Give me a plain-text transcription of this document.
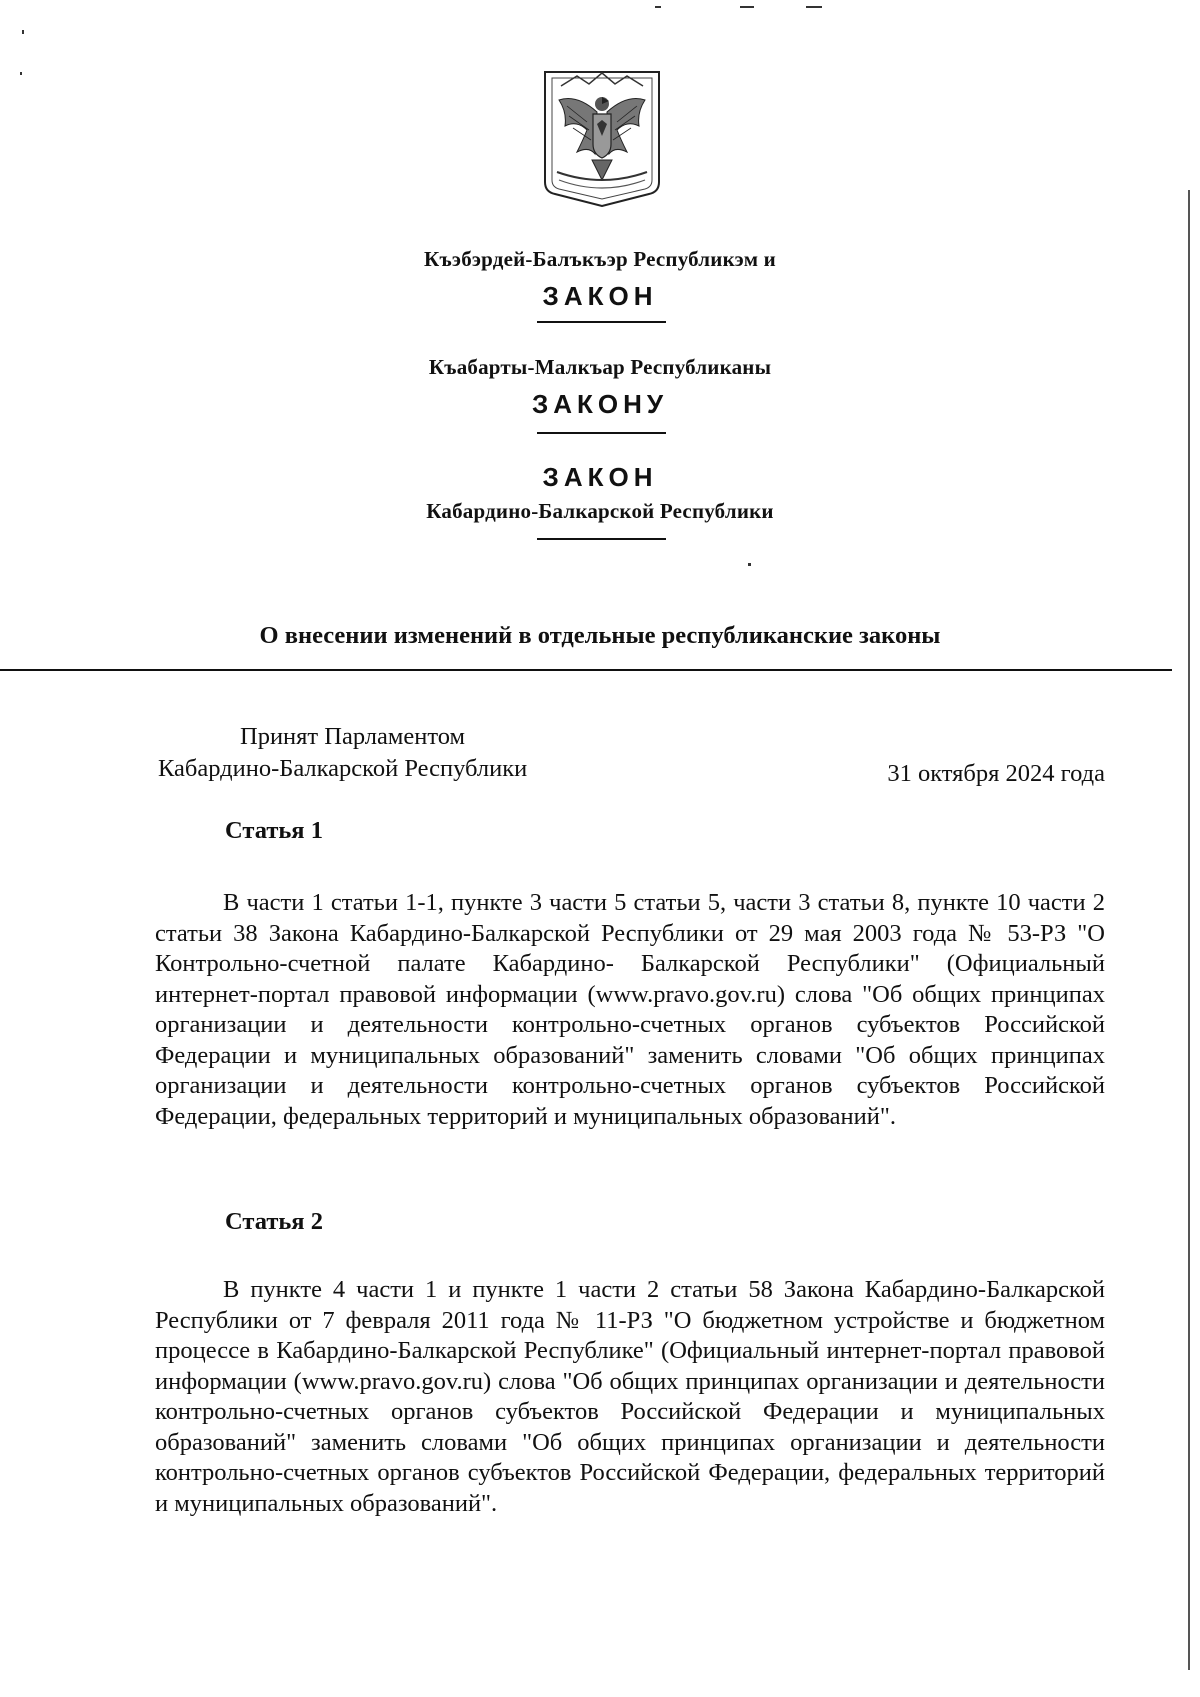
Къэбэрдей-Балъкъэр Республикэм и
ЗАКОН
Къабарты-Малкъар Республиканы
ЗАКОНУ
ЗАКОН
Кабардино-Балкарской Республики
О внесении изменений в отдельные республиканские законы
Принят Парламентом
Кабардино-Балкарской Республики	31 октября 2024 года
Статья 1

В части 1 статьи 1-1, пункте 3 части 5 статьи 5, части 3 статьи 8, пункте 10 части 2 статьи 38 Закона Кабардино-Балкарской Республики от 29 мая 2003 года № 53-РЗ "О Контрольно-счетной палате Кабардино- Балкарской Республики" (Официальный интернет-портал правовой информации (www.pravo.gov.ru) слова "Об общих принципах организации и деятельности контрольно-счетных органов субъектов Российской Федерации и муниципальных образований" заменить словами "Об общих принципах организации и деятельности контрольно-счетных органов субъектов Российской Федерации, федеральных территорий и муниципальных образований".

Статья 2

В пункте 4 части 1 и пункте 1 части 2 статьи 58 Закона Кабардино-Балкарской Республики от 7 февраля 2011 года № 11-РЗ "О бюджетном устройстве и бюджетном процессе в Кабардино-Балкарской Республике" (Официальный интернет-портал правовой информации (www.pravo.gov.ru) слова "Об общих принципах организации и деятельности контрольно-счетных органов субъектов Российской Федерации и муниципальных образований" заменить словами "Об общих принципах организации и деятельности контрольно-счетных органов субъектов Российской Федерации, федеральных территорий и муниципальных образований".
